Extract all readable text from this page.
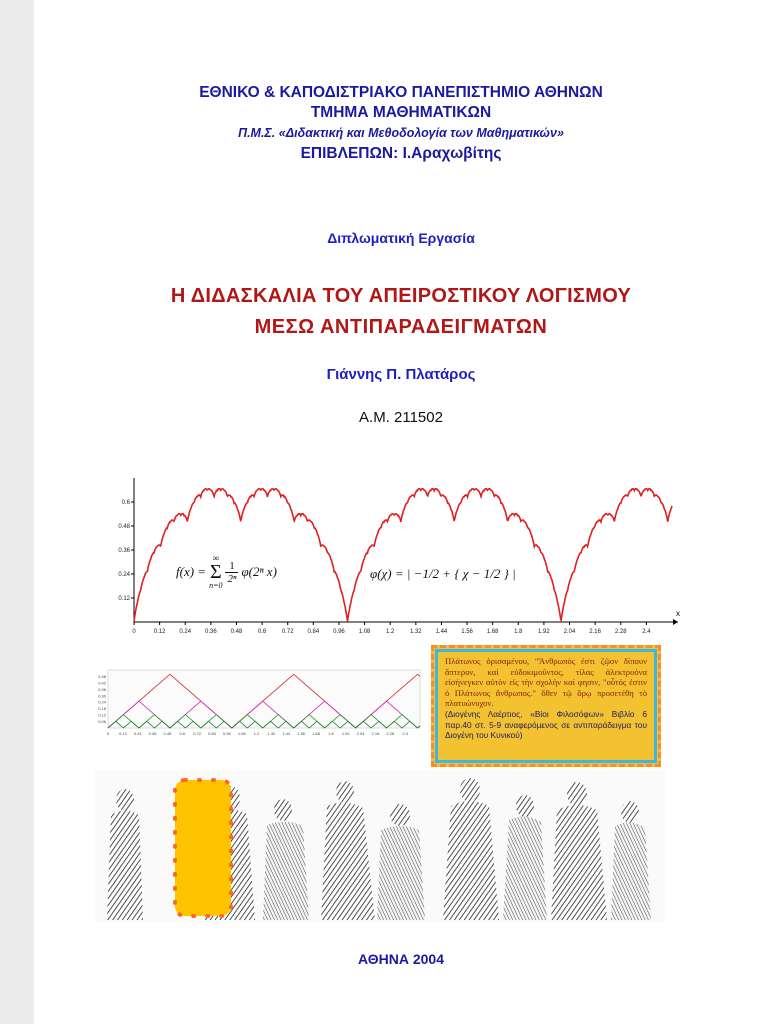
ΕΘΝΙΚΟ & ΚΑΠΟΔΙΣΤΡΙΑΚΟ ΠΑΝΕΠΙΣΤΗΜΙΟ ΑΘΗΝΩΝ
ΤΜΗΜΑ ΜΑΘΗΜΑΤΙΚΩΝ
Π.Μ.Σ. «Διδακτική και Μεθοδολογία των Μαθηματικών»
ΕΠΙΒΛΕΠΩΝ: Ι.Αραχωβίτης
Διπλωματική Εργασία
Η ΔΙΔΑΣΚΑΛΙΑ ΤΟΥ ΑΠΕΙΡΟΣΤΙΚΟΥ ΛΟΓΙΣΜΟΥ
ΜΕΣΩ ΑΝΤΙΠΑΡΑΔΕΙΓΜΑΤΩΝ
Γιάννης Π. Πλατάρος
Α.Μ. 211502
0	0.12 0.24 0.36 0.48	0.6	0.72 0.84 0.96 1.08	1.2	1.32 1.44 1.56 1.68	1.8	1.92 2.04 2.16 2.28	2.4
0.12
0.24
0.36
0.48
0.6
x
f(x) =
∞
Σ
n=0
1
2ⁿ φ(2ⁿ x)	φ(χ) = | −1/2 + { χ − 1/2 } |
0 0.12 0.24 0.36 0.48 0.6 0.72 0.84 0.96 1.08 1.2 1.32 1.44 1.56 1.68 1.8 1.92 2.04 2.16 2.28 2.4
0.06
0.12
0.18
0.24
0.30
0.36
0.42
0.48
Πλάτωνος ὁρισαμένου, "Ἄνθρωπός ἐστι ζῷον δίπουν ἄπτερον, καὶ εὐδοκιμοῦντος, τίλας ἀλεκτρυόνα εἰσήνεγκεν αὐτὸν εἰς τὴν σχολὴν καί φησιν, "οὗτός ἐστιν ὁ Πλάτωνος ἄνθρωπος." ὅθεν τῷ ὅρῳ προσετέθη τὸ πλατυώνυχον.
(Διογένης Λαέρτιος, «Βίοι Φιλοσόφων» Βιβλίο 6 παρ.40 στ. 5-9 αναφερόμενος σε αντιπαράδειγμα του Διογένη του Κυνικού)
ΑΘΗΝΑ 2004
